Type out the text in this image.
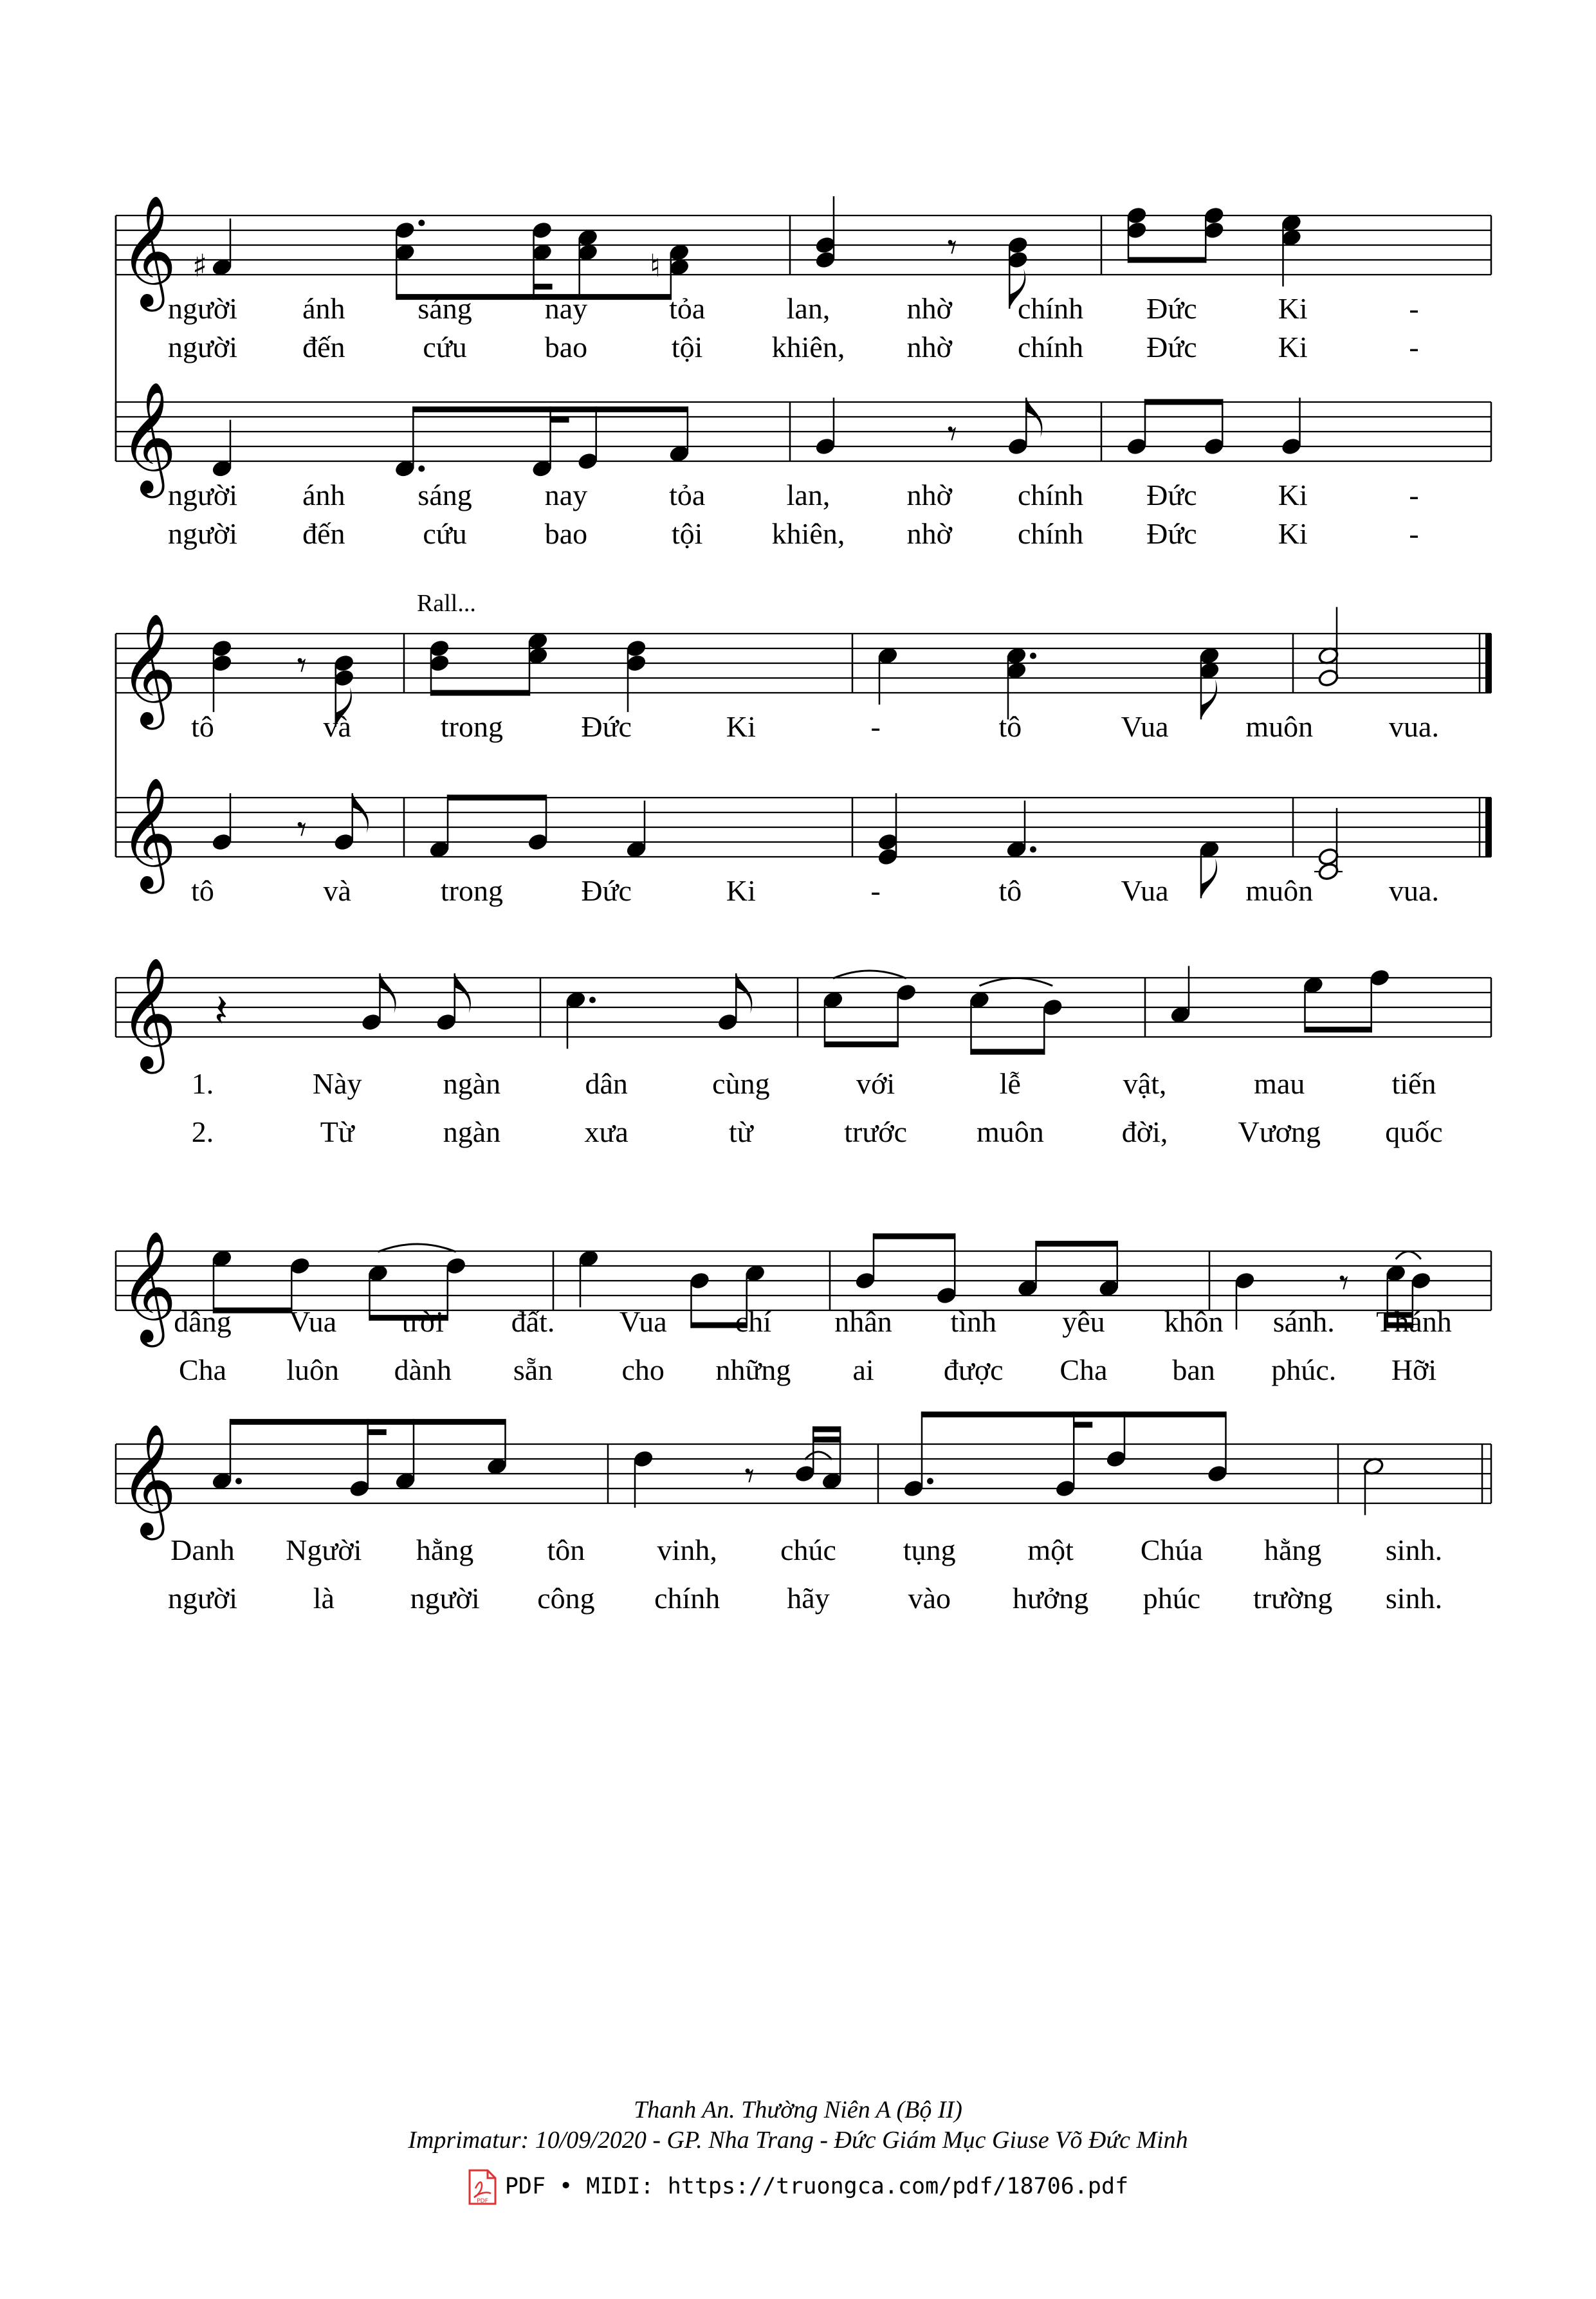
𝄞 ♯	♮	𝄾
người ánh sáng nay	tỏa	lan,	nhờ chính Đức	Ki	-
người đến	cứu	bao	tội khiên, nhờ chính Đức	Ki	-
𝄞	𝄾
người ánh sáng nay	tỏa	lan,	nhờ chính Đức	Ki	-
người đến	cứu	bao	tội khiên, nhờ chính Đức	Ki	-
𝄞	𝄾
tô	và	trong	Đức	Ki	-	tô	Vua	muôn	vua.
𝄞	𝄾
tô	và	trong	Đức	Ki	-	tô	Vua	muôn	vua.
Rall...
𝄞 𝄽
1.	Này	ngàn	dân	cùng	với	lễ	vật,	mau	tiến
2.	Từ	ngàn	xưa	từ	trước muôn	đời, Vương quốc
𝄞	𝄾
dâng Vua trời đất. Vua chí nhân tình yêu khôn sánh. Thánh
Cha luôn dành sẵn cho những ai được Cha ban phúc. Hỡi
𝄞	𝄾
Danh Người hằng tôn vinh, chúc tụng một Chúa hằng sinh.
người	là	người công chính hãy	vào hưởng phúc trường sinh.
Thanh An. Thường Niên A (Bộ II)
Imprimatur: 10/09/2020 - GP. Nha Trang - Đức Giám Mục Giuse Võ Đức Minh
PDF
PDF • MIDI: https://truongca.com/pdf/18706.pdf
